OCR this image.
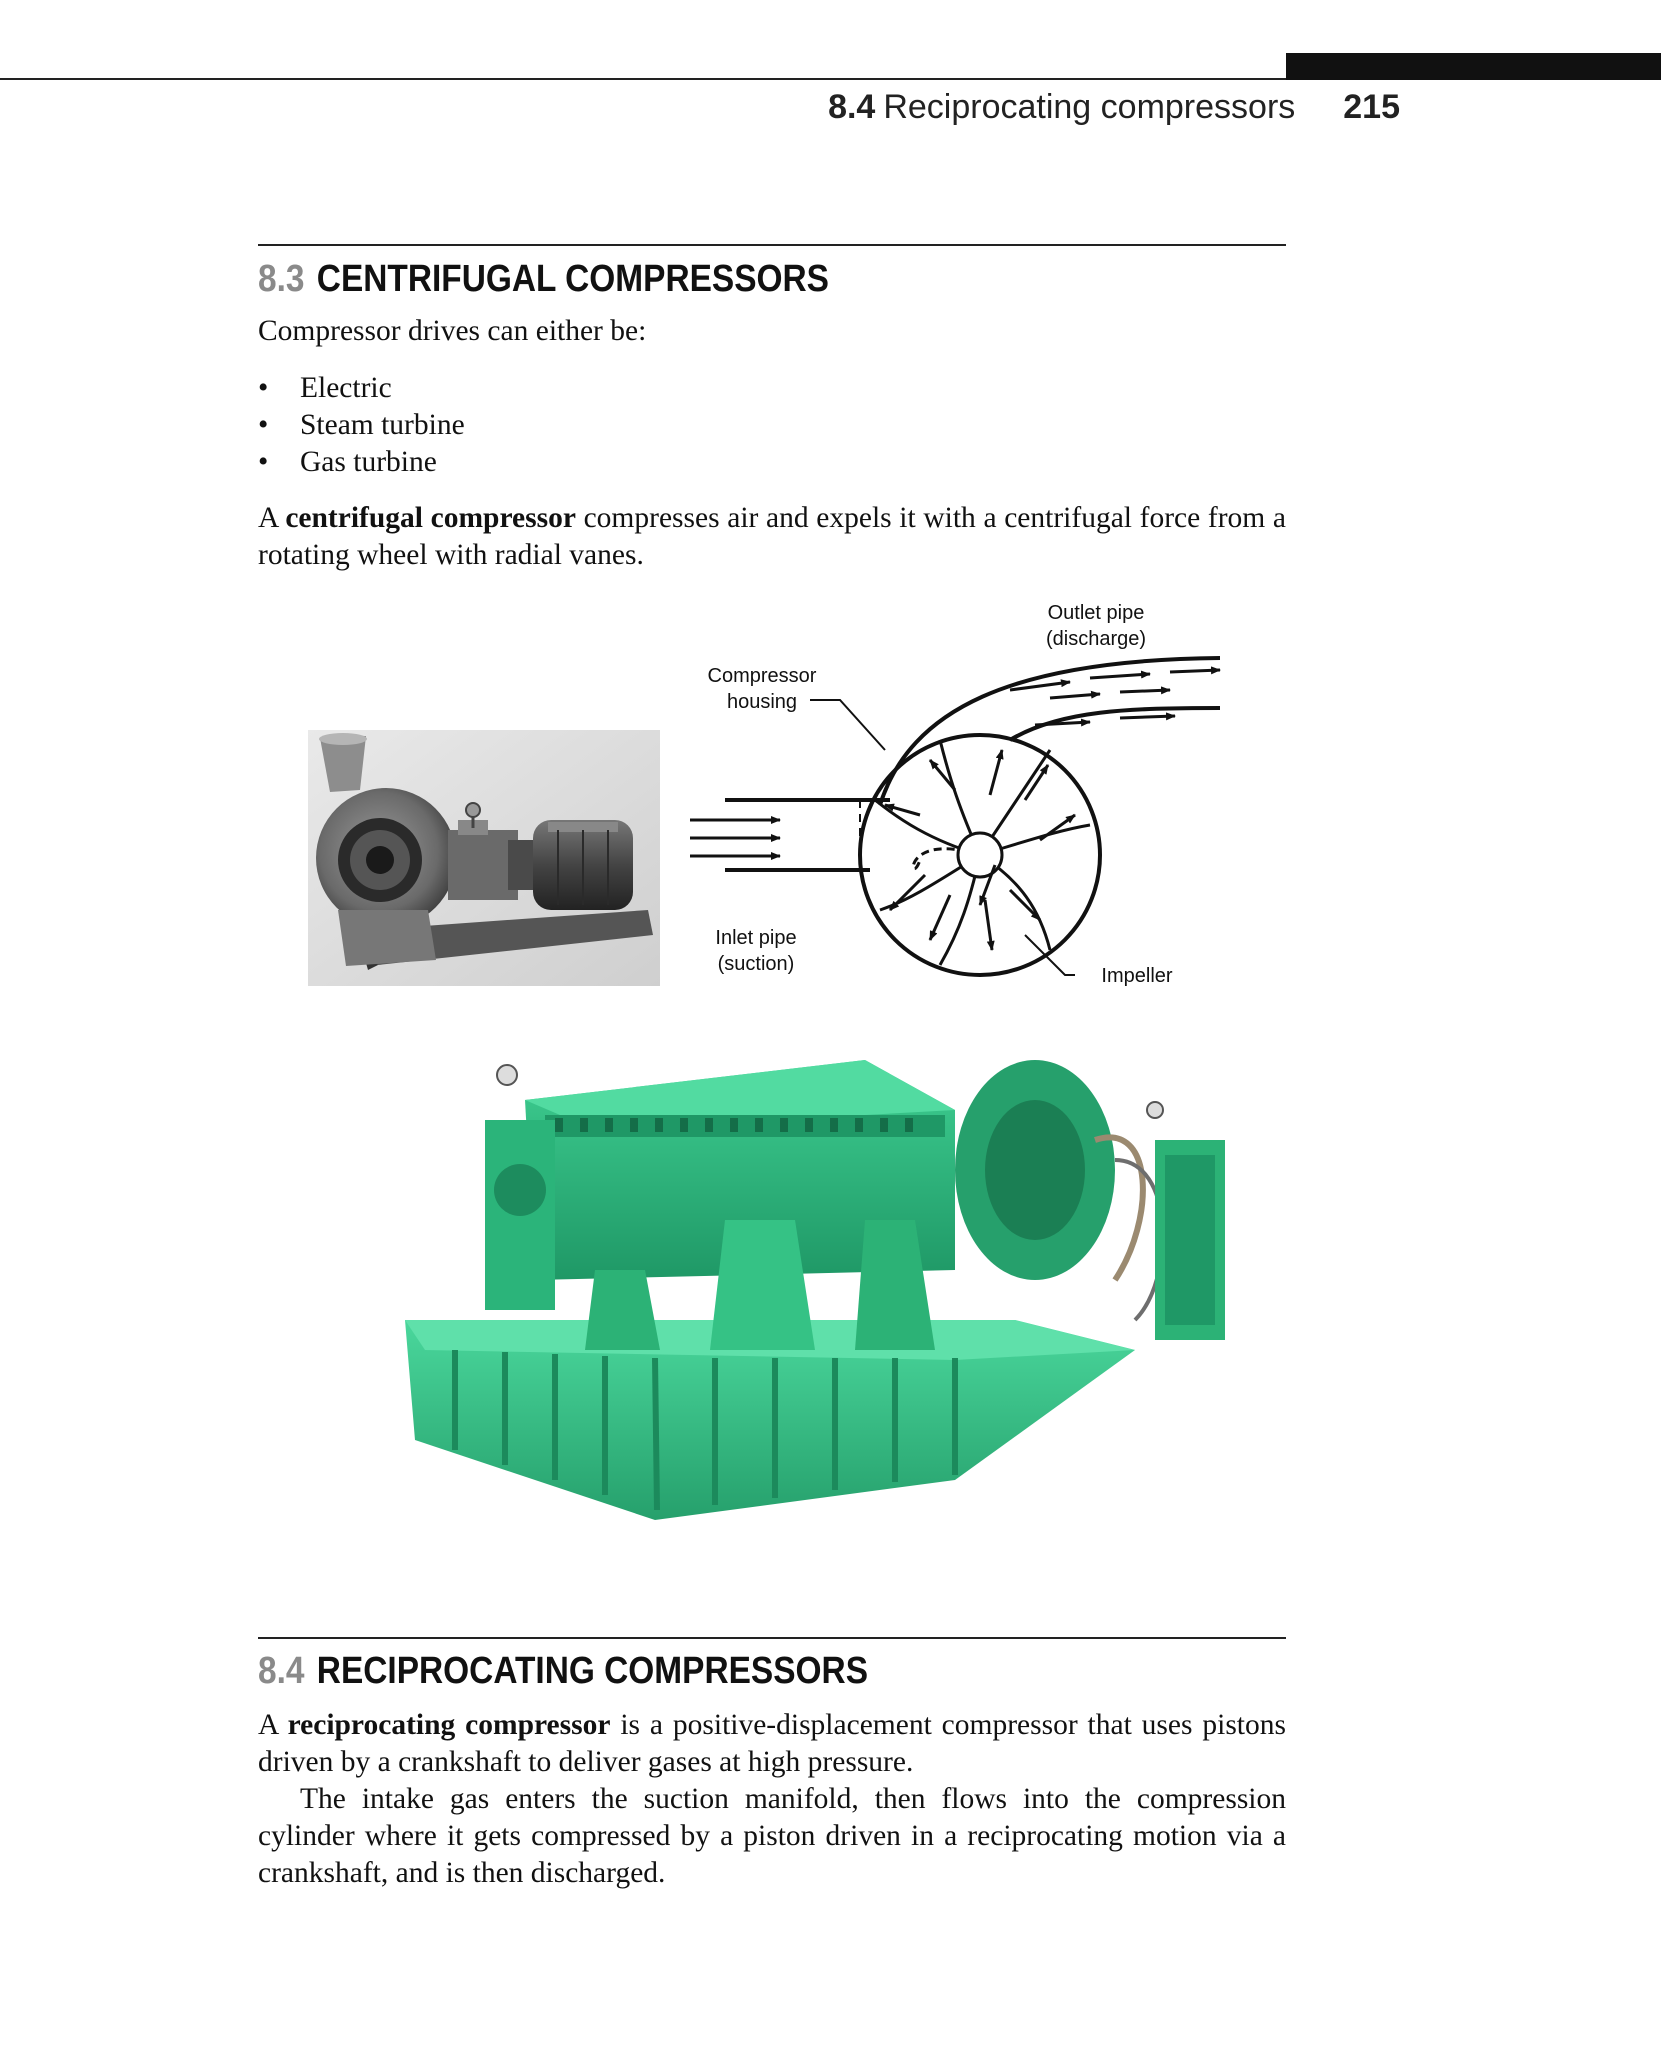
8.4 Reciprocating compressors 215
8.3 CENTRIFUGAL COMPRESSORS
Compressor drives can either be:
• Electric
• Steam turbine
• Gas turbine
A centrifugal compressor compresses air and expels it with a centrifugal force from a rotating wheel with radial vanes.
Outlet pipe
(discharge)
Compressor
housing
Inlet pipe
(suction)
Impeller
8.4 RECIPROCATING COMPRESSORS
A reciprocating compressor is a positive-displacement compressor that uses pistons driven by a crankshaft to deliver gases at high pressure.
The intake gas enters the suction manifold, then flows into the compression cylinder where it gets compressed by a piston driven in a reciprocating motion via a crankshaft, and is then discharged.
